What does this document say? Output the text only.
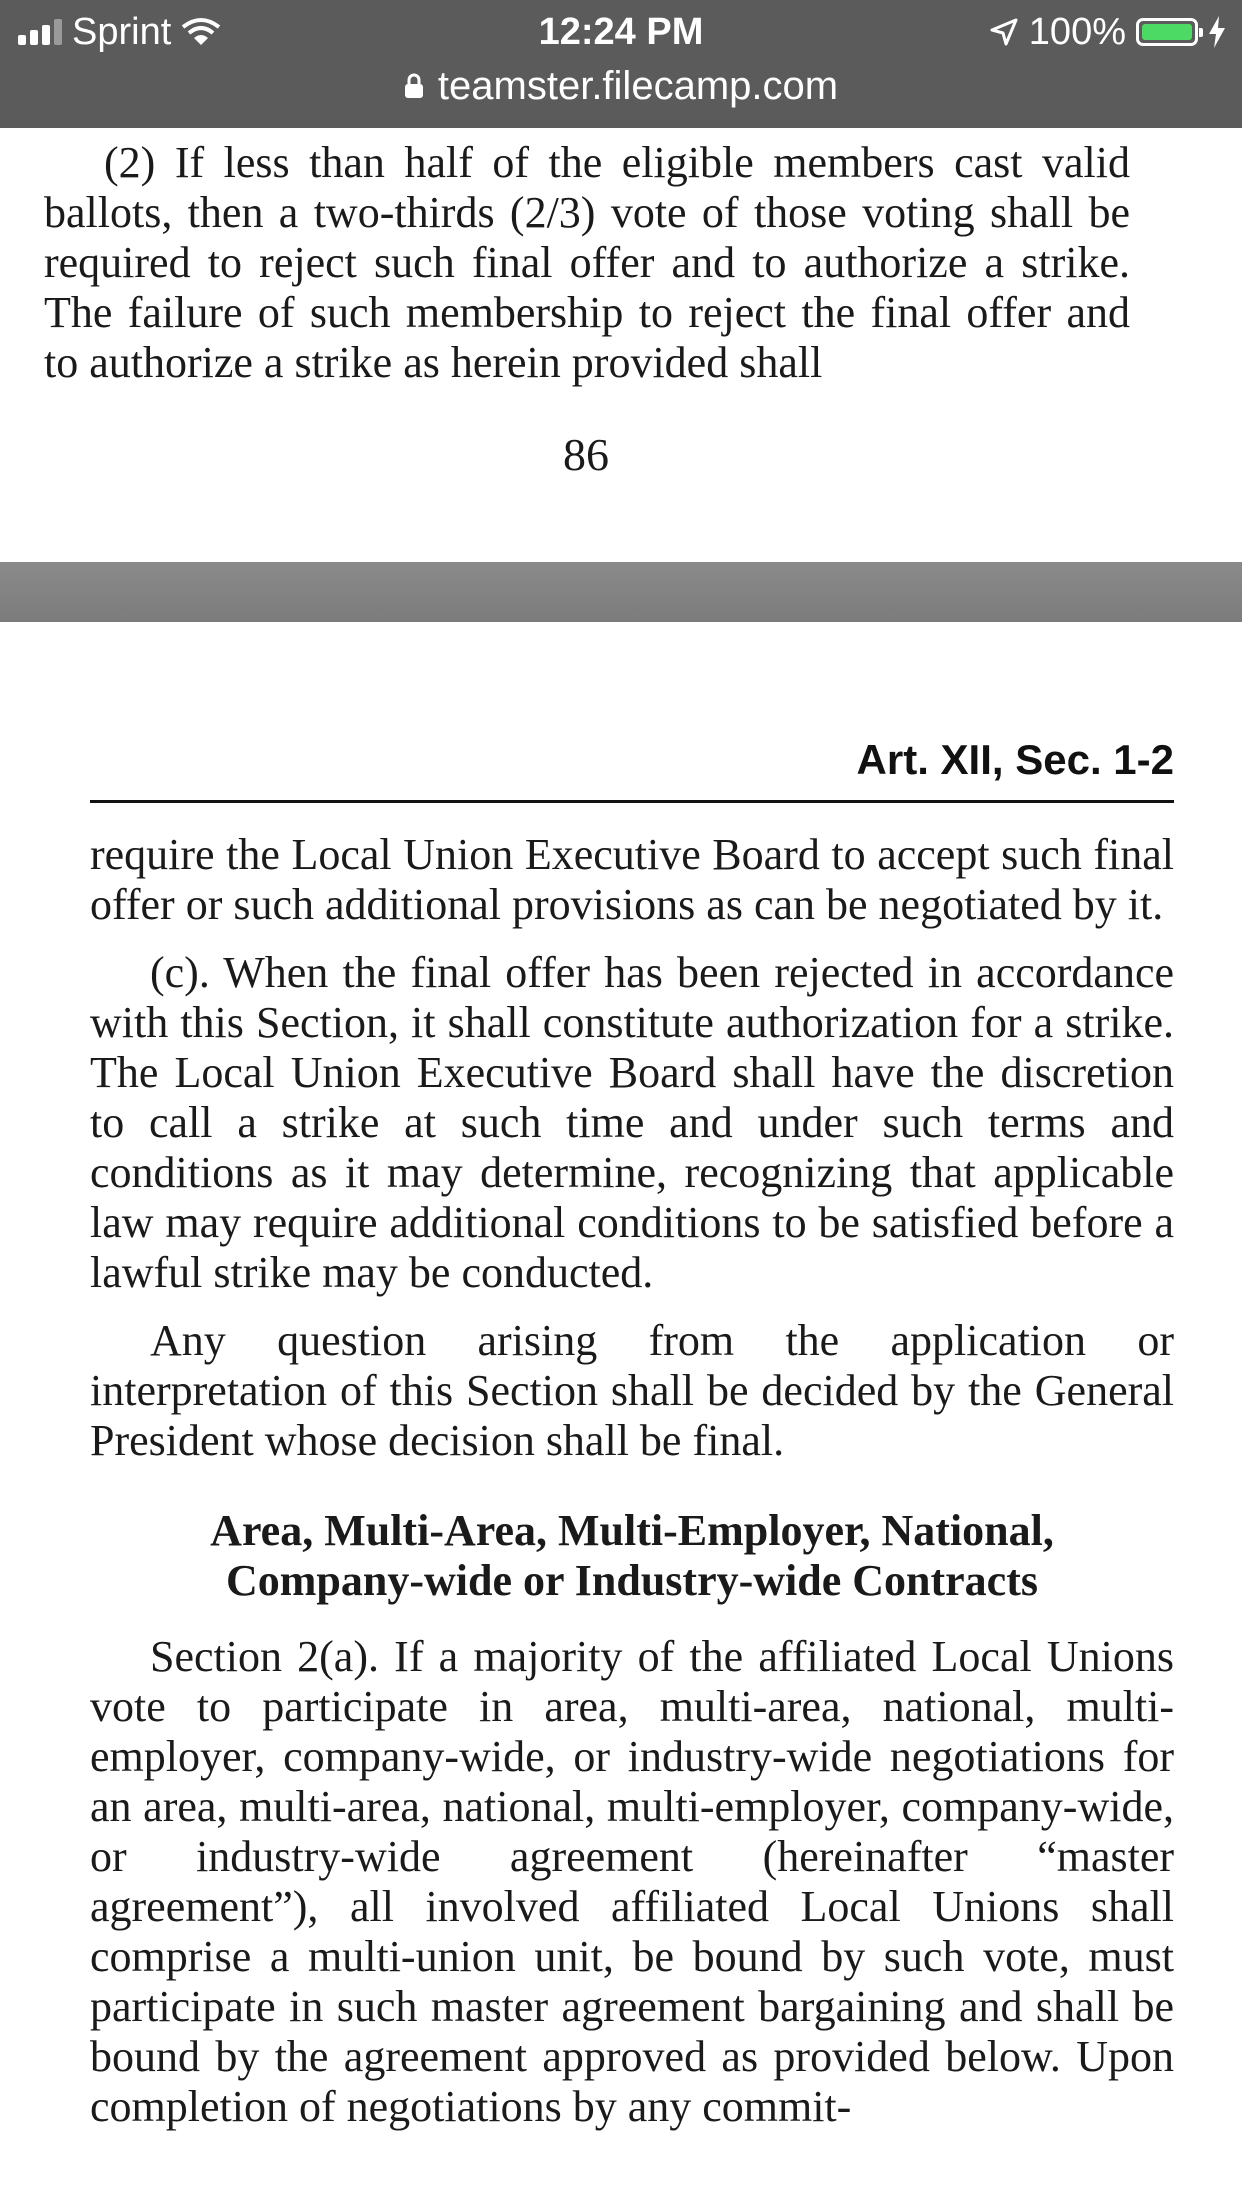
Sprint	12:24 PM	100%
teamster.filecamp.com

(2) If less than half of the eligible members cast valid ballots, then a two-thirds (2/3) vote of those voting shall be required to reject such final offer and to authorize a strike. The failure of such membership to reject the final offer and to authorize a strike as herein provided shall

86
Art. XII, Sec. 1-2

require the Local Union Executive Board to accept such final offer or such additional provisions as can be negotiated by it.

(c). When the final offer has been rejected in accordance with this Section, it shall constitute authorization for a strike. The Local Union Executive Board shall have the discretion to call a strike at such time and under such terms and conditions as it may determine, recognizing that applicable law may require additional conditions to be satisfied before a lawful strike may be conducted.

Any question arising from the application or interpretation of this Section shall be decided by the General President whose decision shall be final.

Area, Multi-Area, Multi-Employer, National,
Company-wide or Industry-wide Contracts

Section 2(a). If a majority of the affiliated Local Unions vote to participate in area, multi-area, national, multi-employer, company-wide, or industry-wide negotiations for an area, multi-area, national, multi-employer, company-wide, or industry-wide agreement (hereinafter “master agreement”), all involved affiliated Local Unions shall comprise a multi-union unit, be bound by such vote, must participate in such master agreement bargaining and shall be bound by the agreement approved as provided below. Upon completion of negotiations by any commit-
